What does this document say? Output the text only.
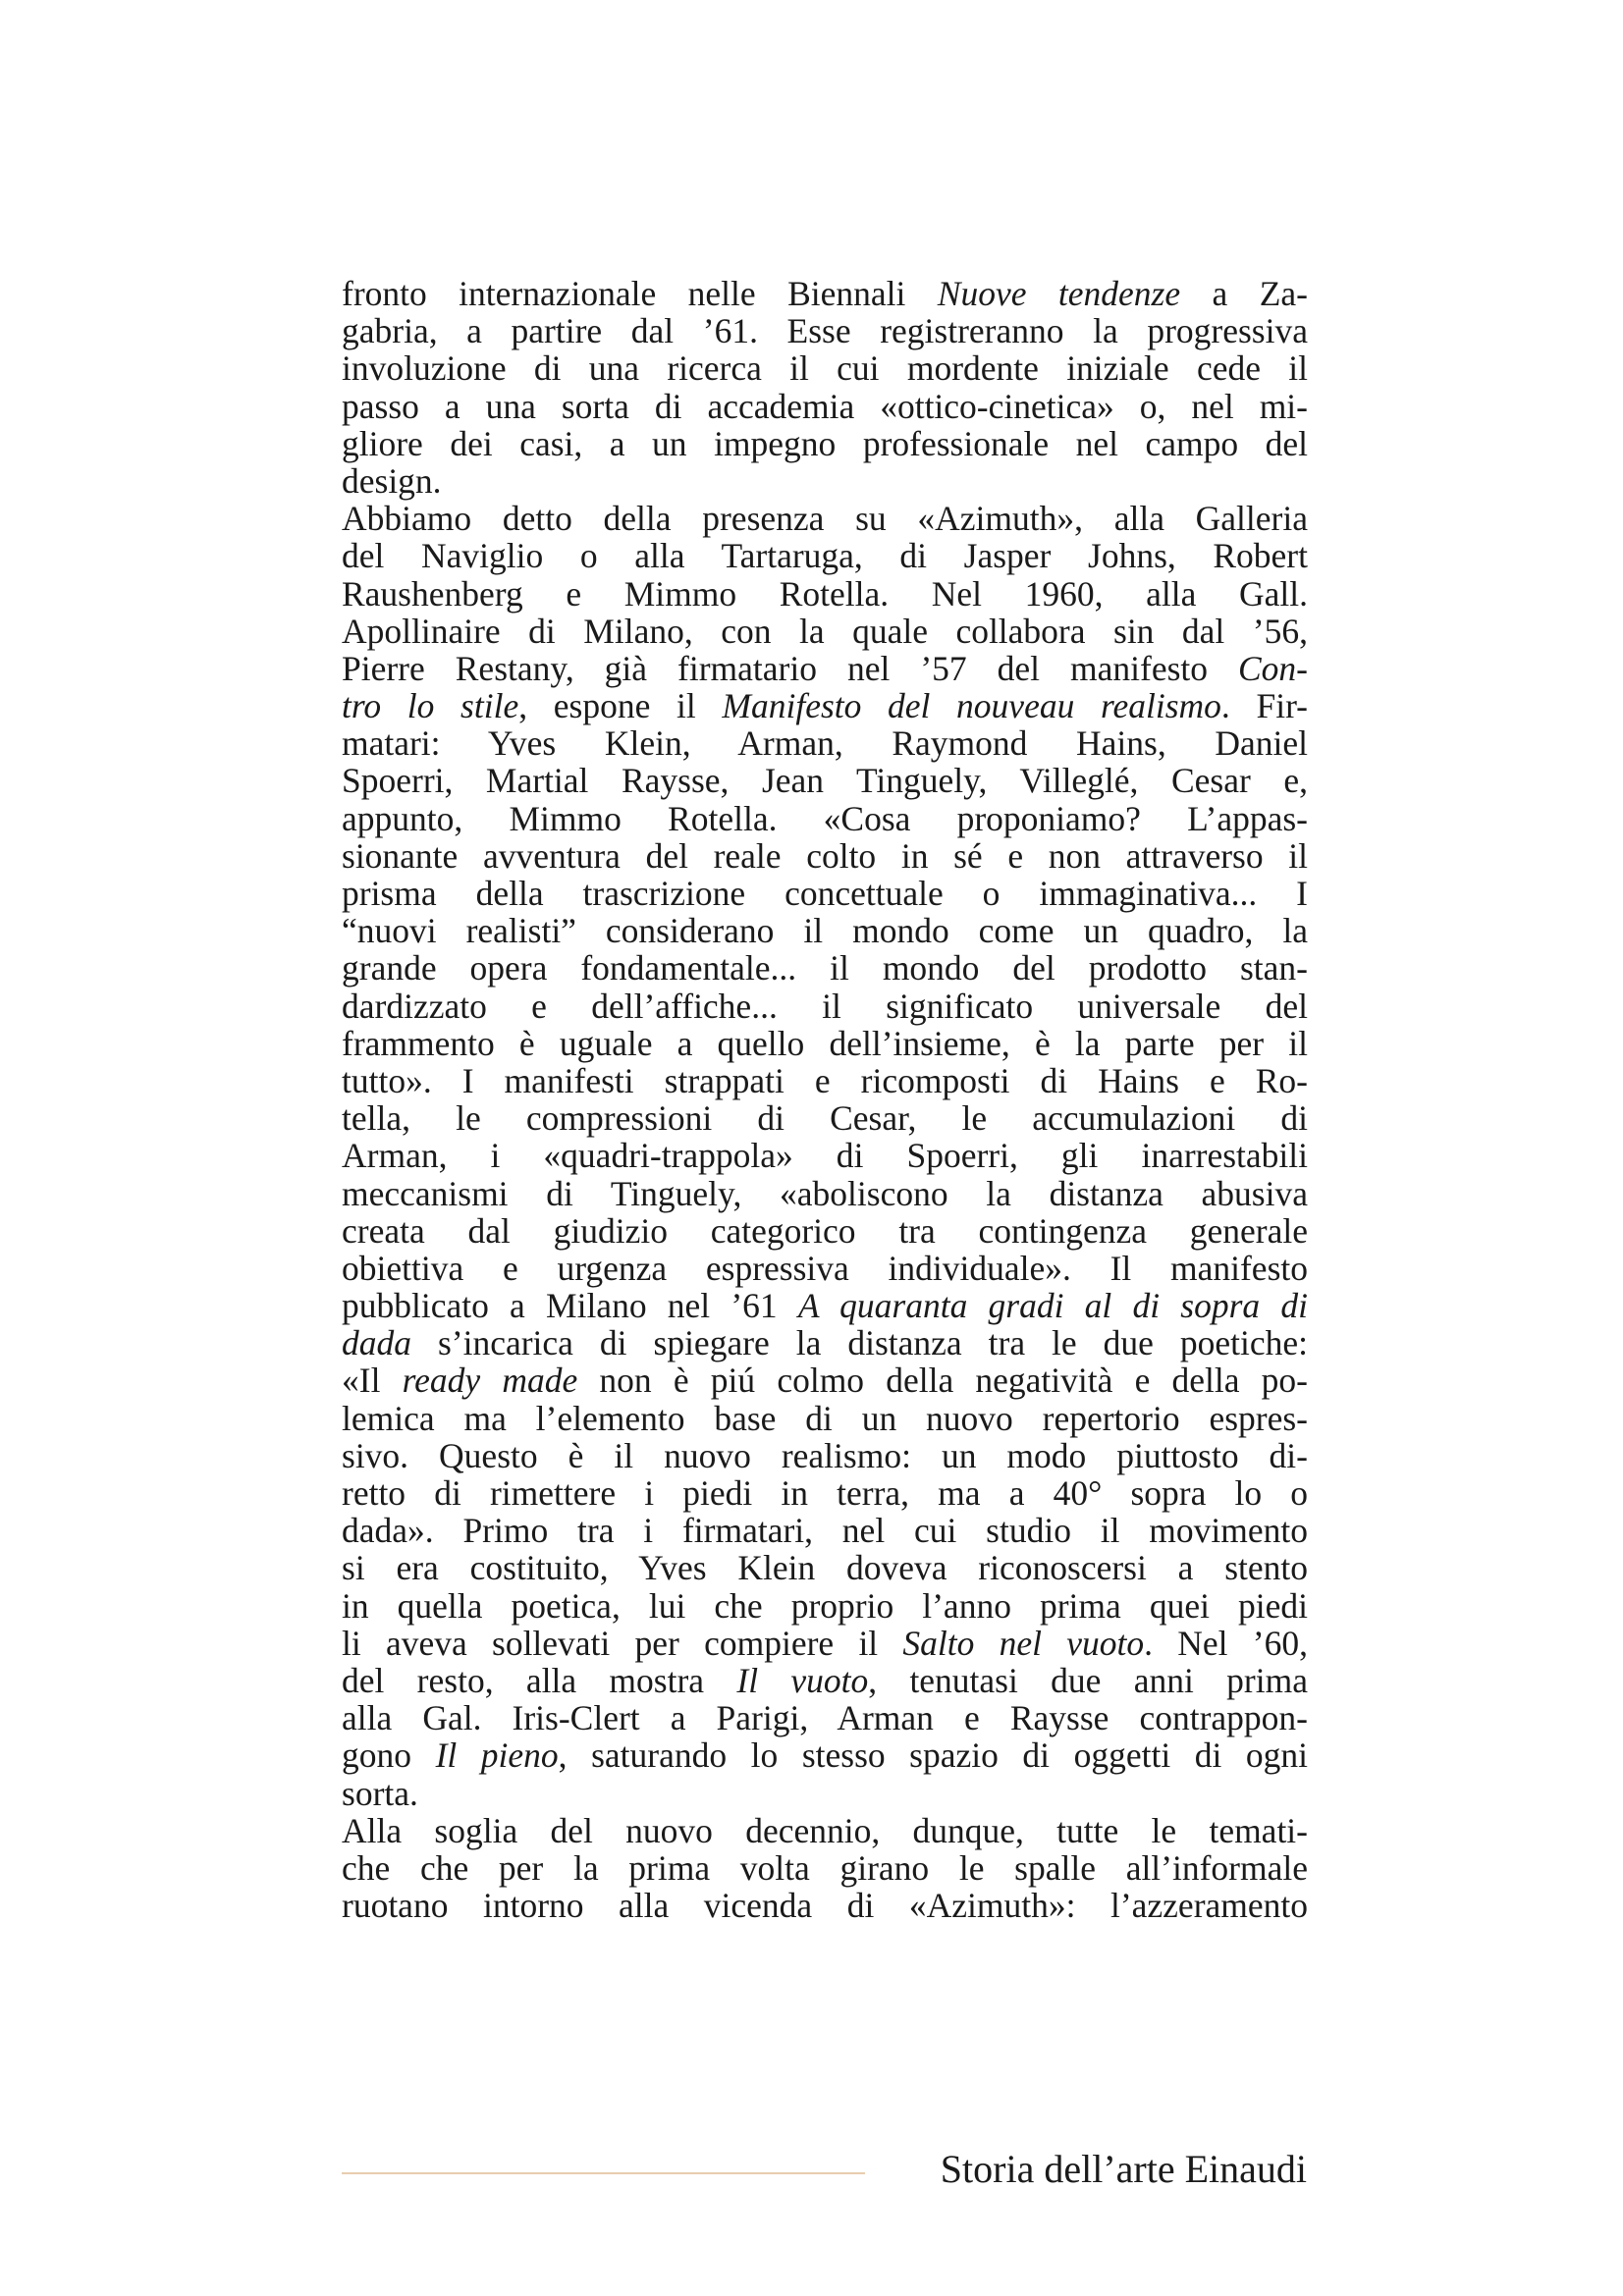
fronto internazionale nelle Biennali Nuove tendenze a Za-
gabria, a partire dal ’61. Esse registreranno la progressiva
involuzione di una ricerca il cui mordente iniziale cede il
passo a una sorta di accademia «ottico-cinetica» o, nel mi-
gliore dei casi, a un impegno professionale nel campo del
design.
Abbiamo detto della presenza su «Azimuth», alla Galleria
del Naviglio o alla Tartaruga, di Jasper Johns, Robert
Raushenberg e Mimmo Rotella. Nel 1960, alla Gall.
Apollinaire di Milano, con la quale collabora sin dal ’56,
Pierre Restany, già firmatario nel ’57 del manifesto Con-
tro lo stile, espone il Manifesto del nouveau realismo. Fir-
matari: Yves Klein, Arman, Raymond Hains, Daniel
Spoerri, Martial Raysse, Jean Tinguely, Villeglé, Cesar e,
appunto, Mimmo Rotella. «Cosa proponiamo? L’appas-
sionante avventura del reale colto in sé e non attraverso il
prisma della trascrizione concettuale o immaginativa... I
“nuovi realisti” considerano il mondo come un quadro, la
grande opera fondamentale... il mondo del prodotto stan-
dardizzato e dell’affiche... il significato universale del
frammento è uguale a quello dell’insieme, è la parte per il
tutto». I manifesti strappati e ricomposti di Hains e Ro-
tella, le compressioni di Cesar, le accumulazioni di
Arman, i «quadri-trappola» di Spoerri, gli inarrestabili
meccanismi di Tinguely, «aboliscono la distanza abusiva
creata dal giudizio categorico tra contingenza generale
obiettiva e urgenza espressiva individuale». Il manifesto
pubblicato a Milano nel ’61 A quaranta gradi al di sopra di
dada s’incarica di spiegare la distanza tra le due poetiche:
«Il ready made non è piú colmo della negatività e della po-
lemica ma l’elemento base di un nuovo repertorio espres-
sivo. Questo è il nuovo realismo: un modo piuttosto di-
retto di rimettere i piedi in terra, ma a 40° sopra lo o
dada». Primo tra i firmatari, nel cui studio il movimento
si era costituito, Yves Klein doveva riconoscersi a stento
in quella poetica, lui che proprio l’anno prima quei piedi
li aveva sollevati per compiere il Salto nel vuoto. Nel ’60,
del resto, alla mostra Il vuoto, tenutasi due anni prima
alla Gal. Iris-Clert a Parigi, Arman e Raysse contrappon-
gono Il pieno, saturando lo stesso spazio di oggetti di ogni
sorta.
Alla soglia del nuovo decennio, dunque, tutte le temati-
che che per la prima volta girano le spalle all’informale
ruotano intorno alla vicenda di «Azimuth»: l’azzeramento
Storia dell’arte Einaudi
